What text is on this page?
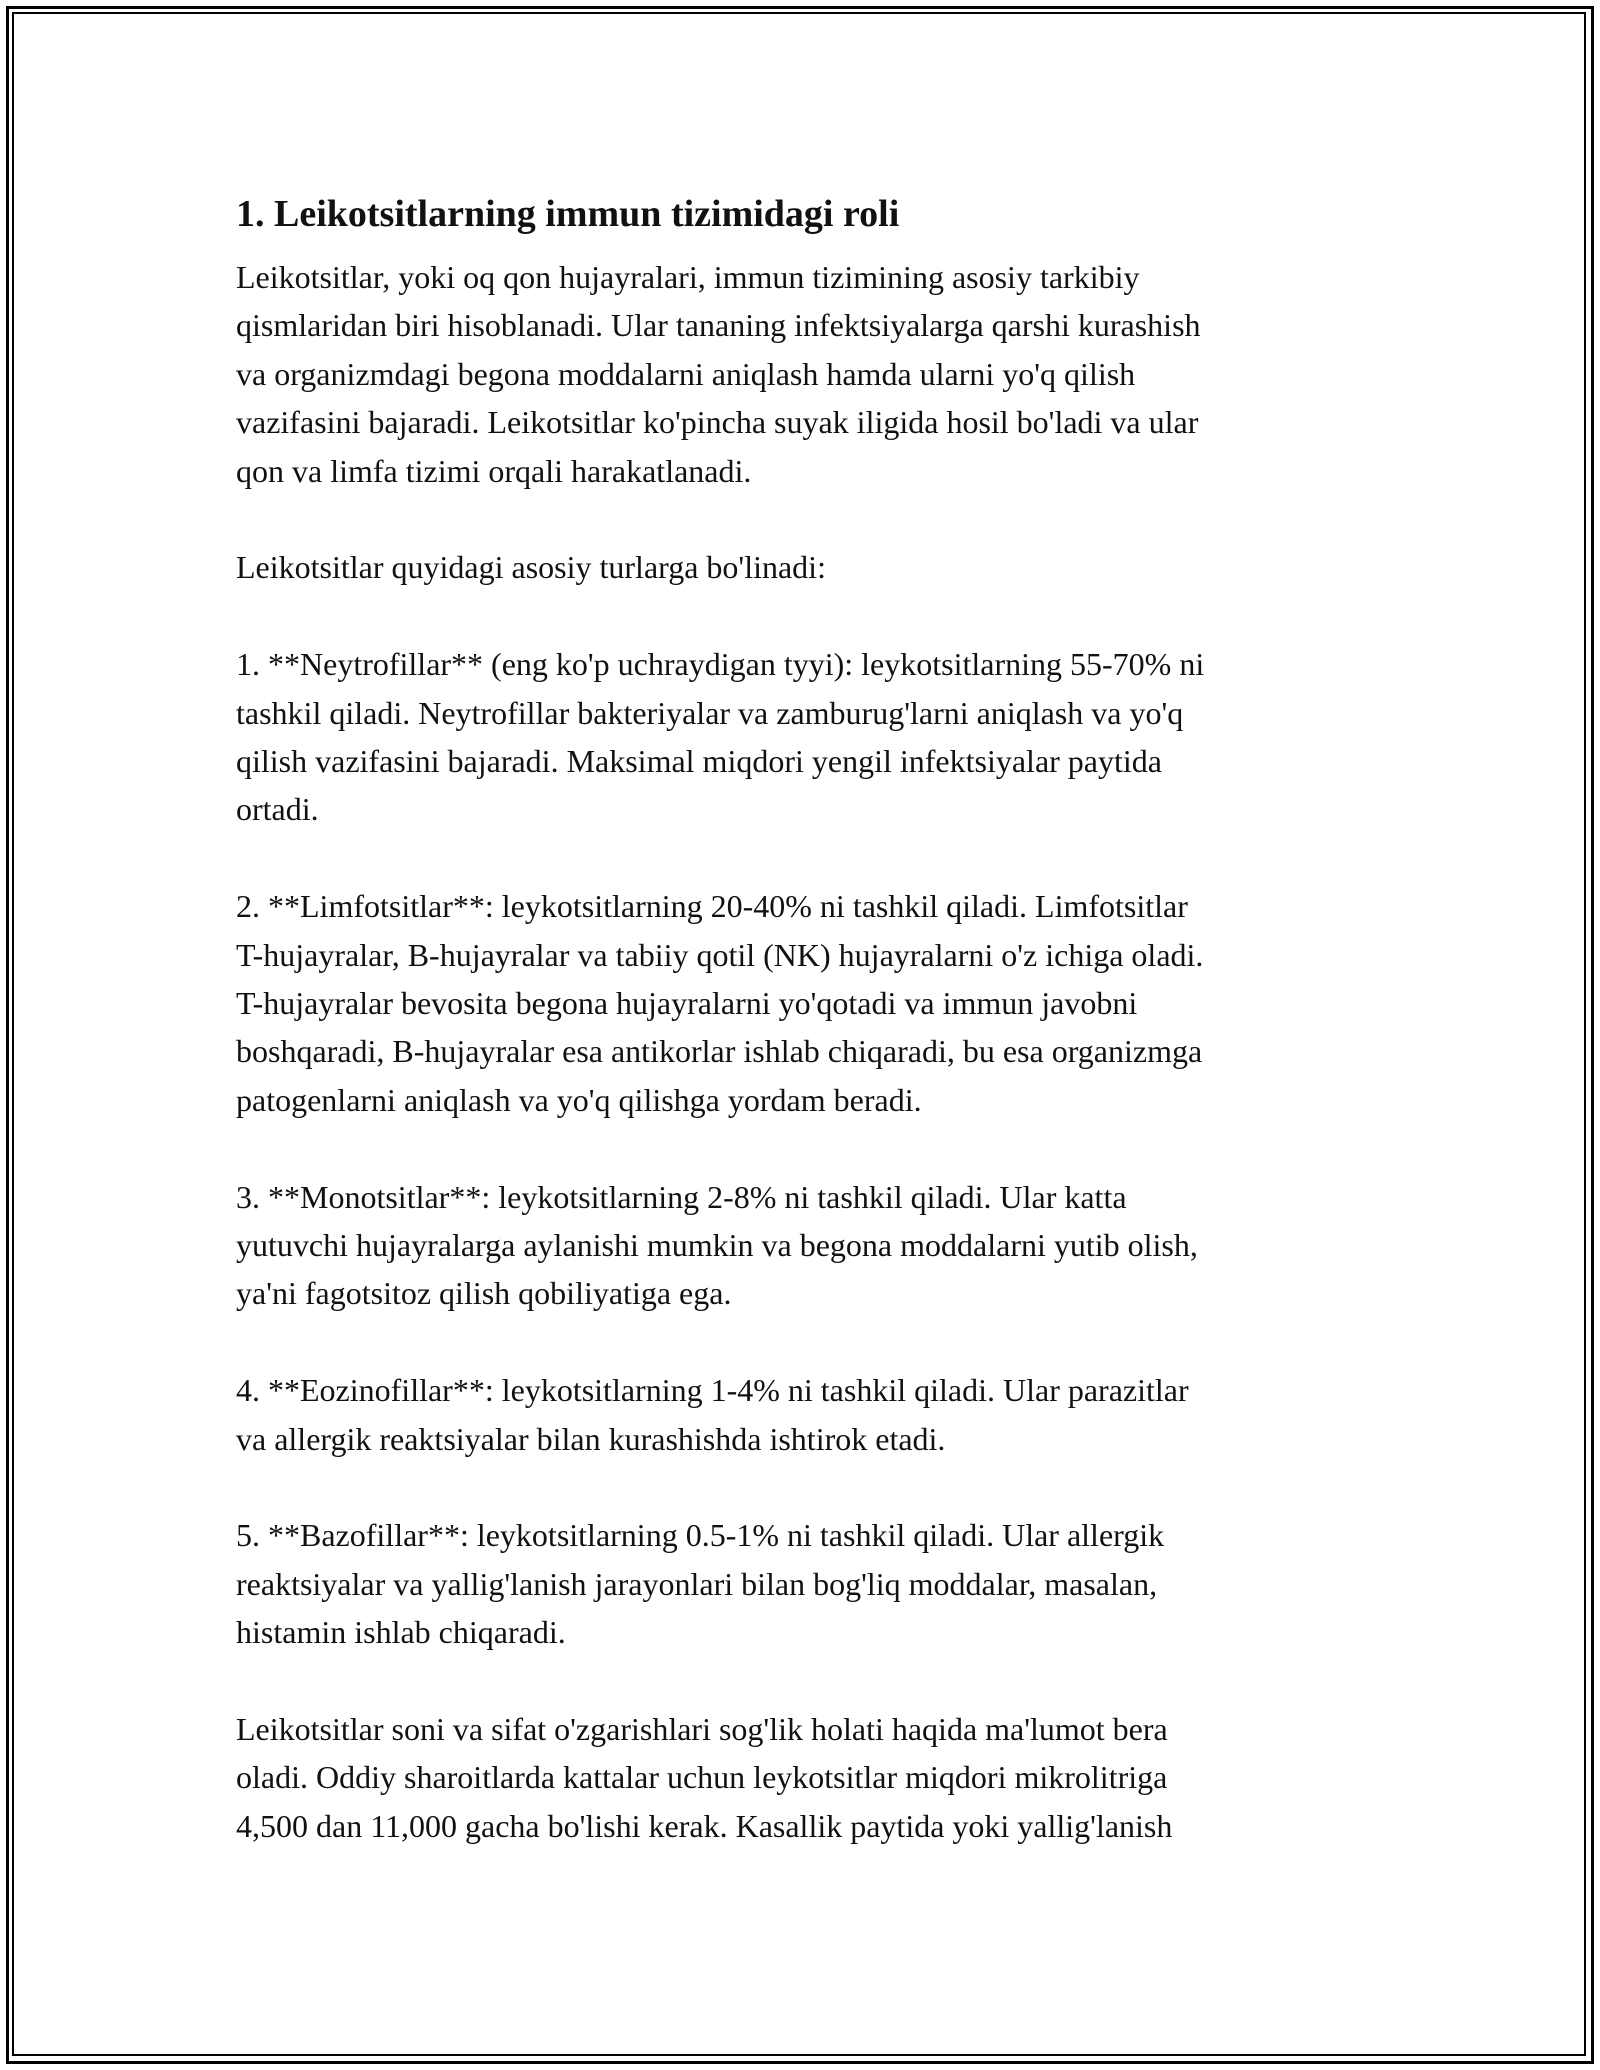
1. Leikotsitlarning immun tizimidagi roli

Leikotsitlar, yoki oq qon hujayralari, immun tizimining asosiy tarkibiy
qismlaridan biri hisoblanadi. Ular tananing infektsiyalarga qarshi kurashish
va organizmdagi begona moddalarni aniqlash hamda ularni yo'q qilish
vazifasini bajaradi. Leikotsitlar ko'pincha suyak iligida hosil bo'ladi va ular
qon va limfa tizimi orqali harakatlanadi.

Leikotsitlar quyidagi asosiy turlarga bo'linadi:

1. **Neytrofillar** (eng ko'p uchraydigan tyyi): leykotsitlarning 55-70% ni
tashkil qiladi. Neytrofillar bakteriyalar va zamburug'larni aniqlash va yo'q
qilish vazifasini bajaradi. Maksimal miqdori yengil infektsiyalar paytida
ortadi.

2. **Limfotsitlar**: leykotsitlarning 20-40% ni tashkil qiladi. Limfotsitlar
T-hujayralar, B-hujayralar va tabiiy qotil (NK) hujayralarni o'z ichiga oladi.
T-hujayralar bevosita begona hujayralarni yo'qotadi va immun javobni
boshqaradi, B-hujayralar esa antikorlar ishlab chiqaradi, bu esa organizmga
patogenlarni aniqlash va yo'q qilishga yordam beradi.

3. **Monotsitlar**: leykotsitlarning 2-8% ni tashkil qiladi. Ular katta
yutuvchi hujayralarga aylanishi mumkin va begona moddalarni yutib olish,
ya'ni fagotsitoz qilish qobiliyatiga ega.

4. **Eozinofillar**: leykotsitlarning 1-4% ni tashkil qiladi. Ular parazitlar
va allergik reaktsiyalar bilan kurashishda ishtirok etadi.

5. **Bazofillar**: leykotsitlarning 0.5-1% ni tashkil qiladi. Ular allergik
reaktsiyalar va yallig'lanish jarayonlari bilan bog'liq moddalar, masalan,
histamin ishlab chiqaradi.

Leikotsitlar soni va sifat o'zgarishlari sog'lik holati haqida ma'lumot bera
oladi. Oddiy sharoitlarda kattalar uchun leykotsitlar miqdori mikrolitriga
4,500 dan 11,000 gacha bo'lishi kerak. Kasallik paytida yoki yallig'lanish
